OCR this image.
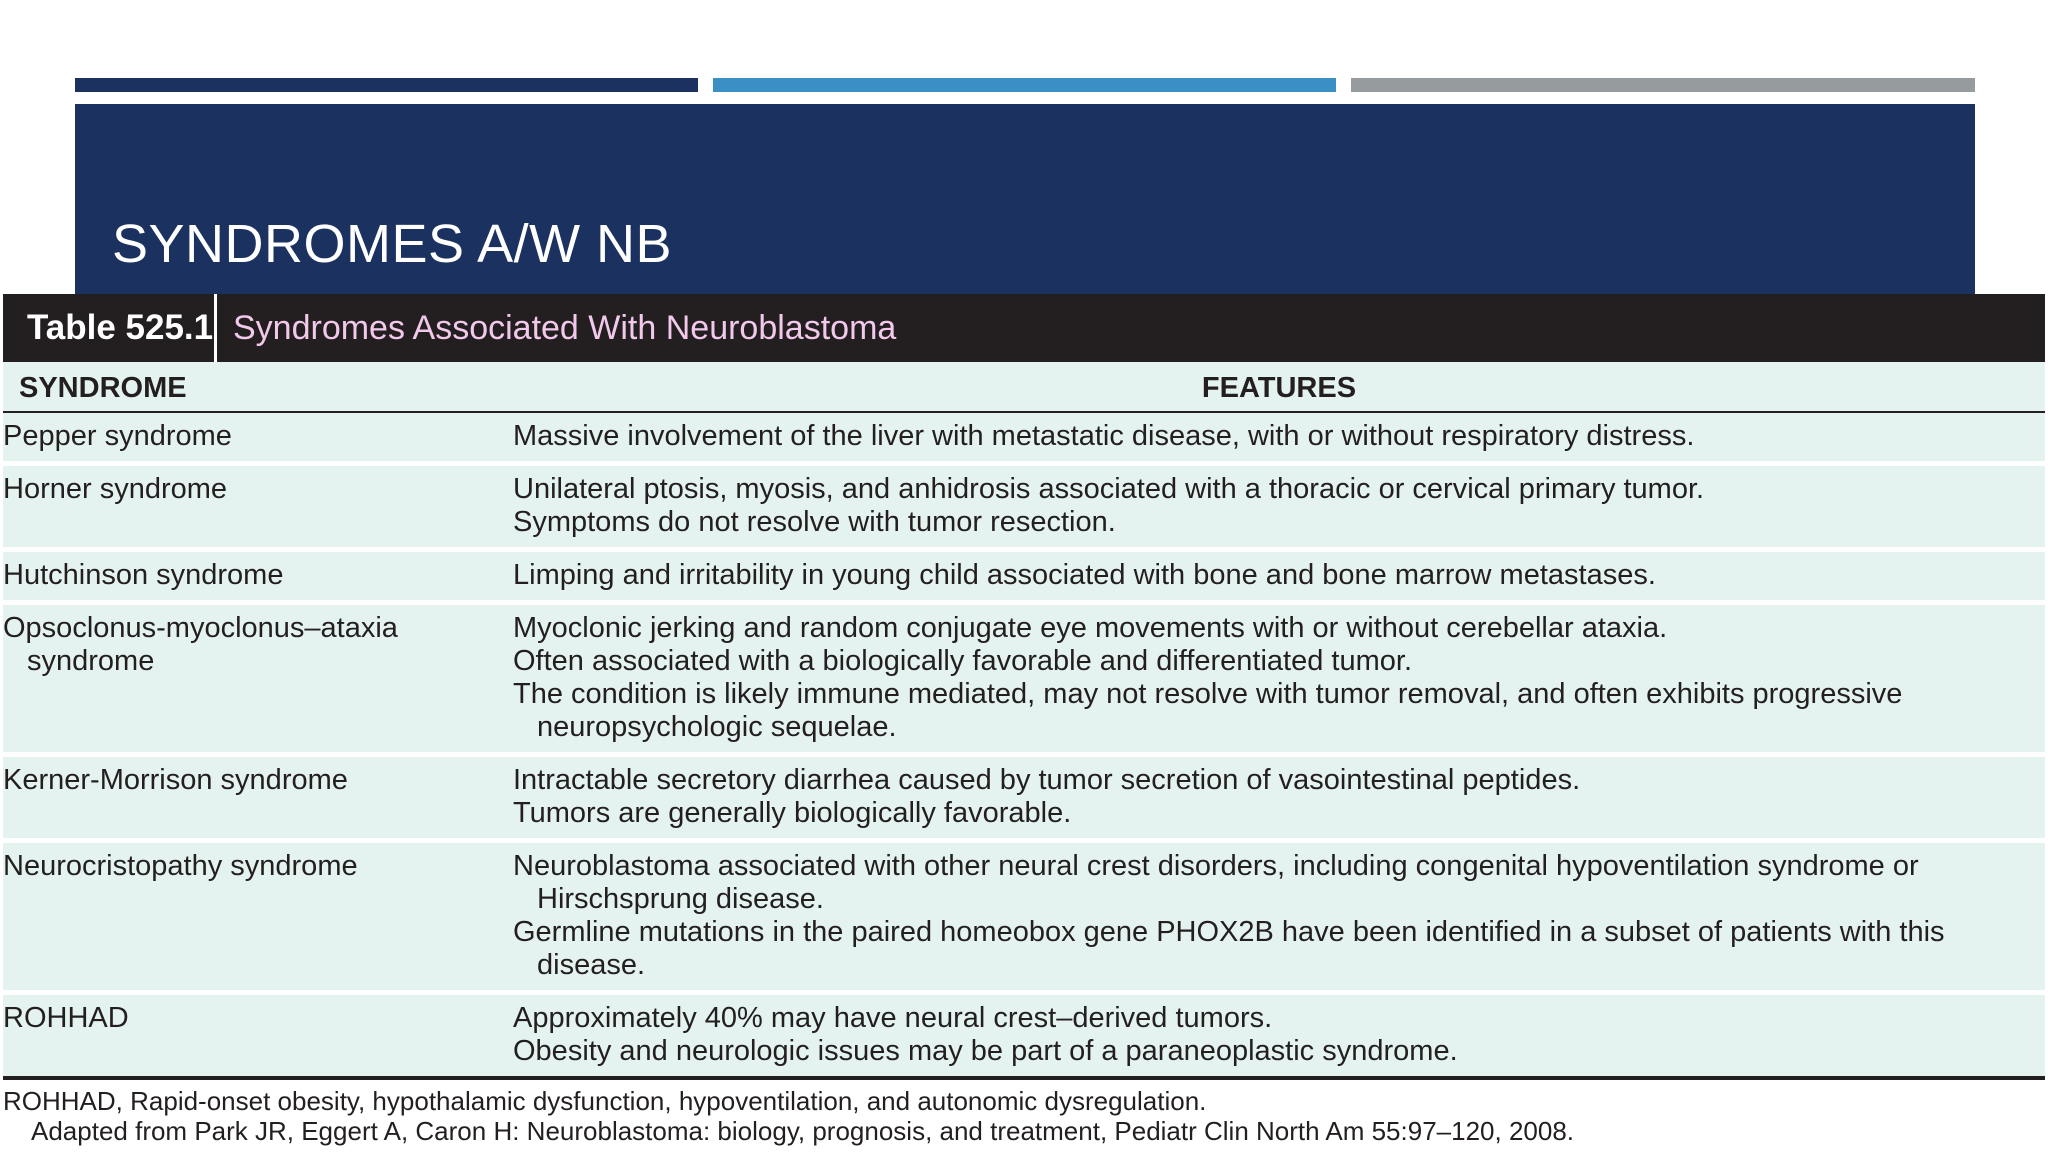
SYNDROMES A/W NB
Table 525.1 Syndromes Associated With Neuroblastoma
SYNDROME	FEATURES
Pepper syndrome	Massive involvement of the liver with metastatic disease, with or without respiratory distress.

Horner syndrome	Unilateral ptosis, myosis, and anhidrosis associated with a thoracic or cervical primary tumor.
Symptoms do not resolve with tumor resection.

Hutchinson syndrome	Limping and irritability in young child associated with bone and bone marrow metastases.

Opsoclonus-myoclonus–ataxia syndrome	Myoclonic jerking and random conjugate eye movements with or without cerebellar ataxia.
Often associated with a biologically favorable and differentiated tumor.
The condition is likely immune mediated, may not resolve with tumor removal, and often exhibits progressive neuropsychologic sequelae.

Kerner-Morrison syndrome	Intractable secretory diarrhea caused by tumor secretion of vasointestinal peptides.
Tumors are generally biologically favorable.

Neurocristopathy syndrome	Neuroblastoma associated with other neural crest disorders, including congenital hypoventilation syndrome or Hirschsprung disease.
Germline mutations in the paired homeobox gene PHOX2B have been identified in a subset of patients with this disease.

ROHHAD	Approximately 40% may have neural crest–derived tumors.
Obesity and neurologic issues may be part of a paraneoplastic syndrome.
ROHHAD, Rapid-onset obesity, hypothalamic dysfunction, hypoventilation, and autonomic dysregulation.
Adapted from Park JR, Eggert A, Caron H: Neuroblastoma: biology, prognosis, and treatment, Pediatr Clin North Am 55:97–120, 2008.
